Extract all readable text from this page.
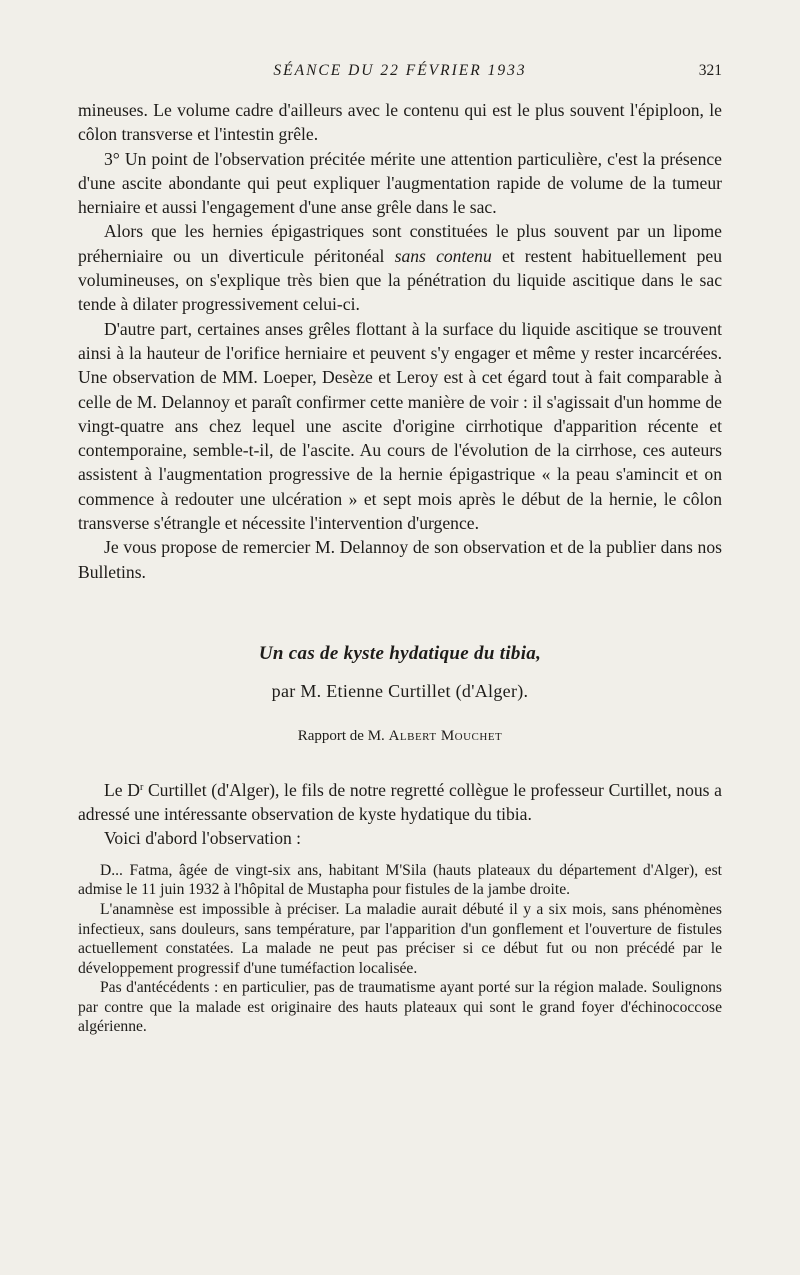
SÉANCE DU 22 FÉVRIER 1933	321

mineuses. Le volume cadre d'ailleurs avec le contenu qui est le plus souvent l'épiploon, le côlon transverse et l'intestin grêle.

3° Un point de l'observation précitée mérite une attention particulière, c'est la présence d'une ascite abondante qui peut expliquer l'augmentation rapide de volume de la tumeur herniaire et aussi l'engagement d'une anse grêle dans le sac.

Alors que les hernies épigastriques sont constituées le plus souvent par un lipome préherniaire ou un diverticule péritonéal sans contenu et restent habituellement peu volumineuses, on s'explique très bien que la pénétration du liquide ascitique dans le sac tende à dilater progressivement celui-ci.

D'autre part, certaines anses grêles flottant à la surface du liquide ascitique se trouvent ainsi à la hauteur de l'orifice herniaire et peuvent s'y engager et même y rester incarcérées. Une observation de MM. Loeper, Desèze et Leroy est à cet égard tout à fait comparable à celle de M. Delannoy et paraît confirmer cette manière de voir : il s'agissait d'un homme de vingt-quatre ans chez lequel une ascite d'origine cirrhotique d'apparition récente et contemporaine, semble-t-il, de l'ascite. Au cours de l'évolution de la cirrhose, ces auteurs assistent à l'augmentation progressive de la hernie épigastrique « la peau s'amincit et on commence à redouter une ulcération » et sept mois après le début de la hernie, le côlon transverse s'étrangle et nécessite l'intervention d'urgence.

Je vous propose de remercier M. Delannoy de son observation et de la publier dans nos Bulletins.

Un cas de kyste hydatique du tibia,
par M. Etienne Curtillet (d'Alger).
Rapport de M. Albert Mouchet

Le $D^r$ Curtillet (d'Alger), le fils de notre regretté collègue le professeur Curtillet, nous a adressé une intéressante observation de kyste hydatique du tibia.

Voici d'abord l'observation :

D... Fatma, âgée de vingt-six ans, habitant M'Sila (hauts plateaux du département d'Alger), est admise le 11 juin 1932 à l'hôpital de Mustapha pour fistules de la jambe droite.

L'anamnèse est impossible à préciser. La maladie aurait débuté il y a six mois, sans phénomènes infectieux, sans douleurs, sans température, par l'apparition d'un gonflement et l'ouverture de fistules actuellement constatées. La malade ne peut pas préciser si ce début fut ou non précédé par le développement progressif d'une tuméfaction localisée.

Pas d'antécédents : en particulier, pas de traumatisme ayant porté sur la région malade. Soulignons par contre que la malade est originaire des hauts plateaux qui sont le grand foyer d'échinococcose algérienne.
